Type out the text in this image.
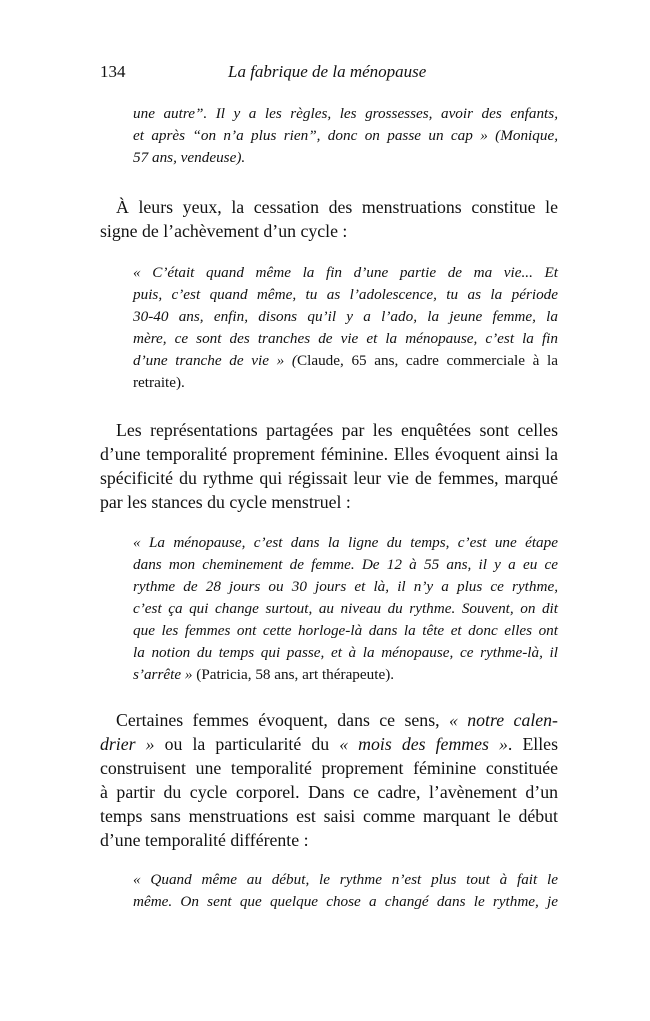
134	La fabrique de la ménopause
une autre”. Il y a les règles, les grossesses, avoir des enfants,
et après “on n’a plus rien”, donc on passe un cap » (Monique,
57 ans, vendeuse).
À leurs yeux, la cessation des menstruations constitue le
signe de l’achèvement d’un cycle :
« C’était quand même la fin d’une partie de ma vie... Et
puis, c’est quand même, tu as l’adolescence, tu as la période
30-40 ans, enfin, disons qu’il y a l’ado, la jeune femme, la
mère, ce sont des tranches de vie et la ménopause, c’est la fin
d’une tranche de vie » (Claude, 65 ans, cadre commerciale à la
retraite).
Les représentations partagées par les enquêtées sont celles
d’une temporalité proprement féminine. Elles évoquent ainsi la
spécificité du rythme qui régissait leur vie de femmes, marqué
par les stances du cycle menstruel :
« La ménopause, c’est dans la ligne du temps, c’est une étape
dans mon cheminement de femme. De 12 à 55 ans, il y a eu ce
rythme de 28 jours ou 30 jours et là, il n’y a plus ce rythme,
c’est ça qui change surtout, au niveau du rythme. Souvent, on dit
que les femmes ont cette horloge-là dans la tête et donc elles ont
la notion du temps qui passe, et à la ménopause, ce rythme-là, il
s’arrête » (Patricia, 58 ans, art thérapeute).
Certaines femmes évoquent, dans ce sens, « notre calen-
drier » ou la particularité du « mois des femmes ». Elles
construisent une temporalité proprement féminine constituée
à partir du cycle corporel. Dans ce cadre, l’avènement d’un
temps sans menstruations est saisi comme marquant le début
d’une temporalité différente :
« Quand même au début, le rythme n’est plus tout à fait le
même. On sent que quelque chose a changé dans le rythme, je
